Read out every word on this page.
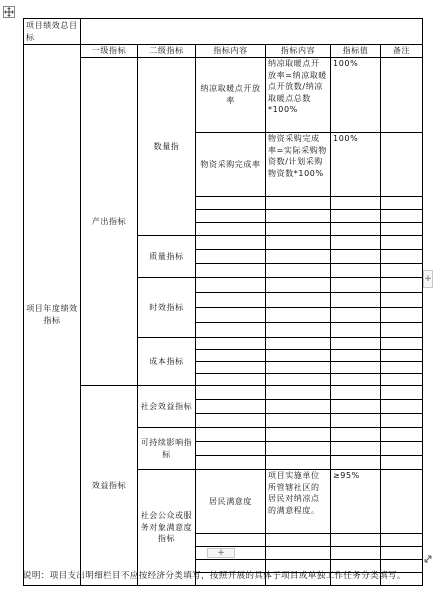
项目绩效总目标						
项目年度绩效指标	一级指标	二级指标	指标内容	指标内容	指标值	备注
	产出指标	数量指	纳凉取暖点开放率	纳凉取暖点开放率=纳凉取暖点开放数/纳凉取暖点总数*100%	100%	
			物资采购完成率	物资采购完成率=实际采购物资数/计划采购物资数*100%	100%	

		质量指标				

		时效指标				

		成本指标				

	效益指标	社会效益指标				

		可持续影响指标				

		社会公众或服务对象满意度指标	居民满意度	项目实施单位所管辖社区的居民对纳凉点的满意程度。	≥95%	

+
+

说明：项目支出明细栏目不应按经济分类填写，按照开展的具体子项目或单独工作任务分类填写。
